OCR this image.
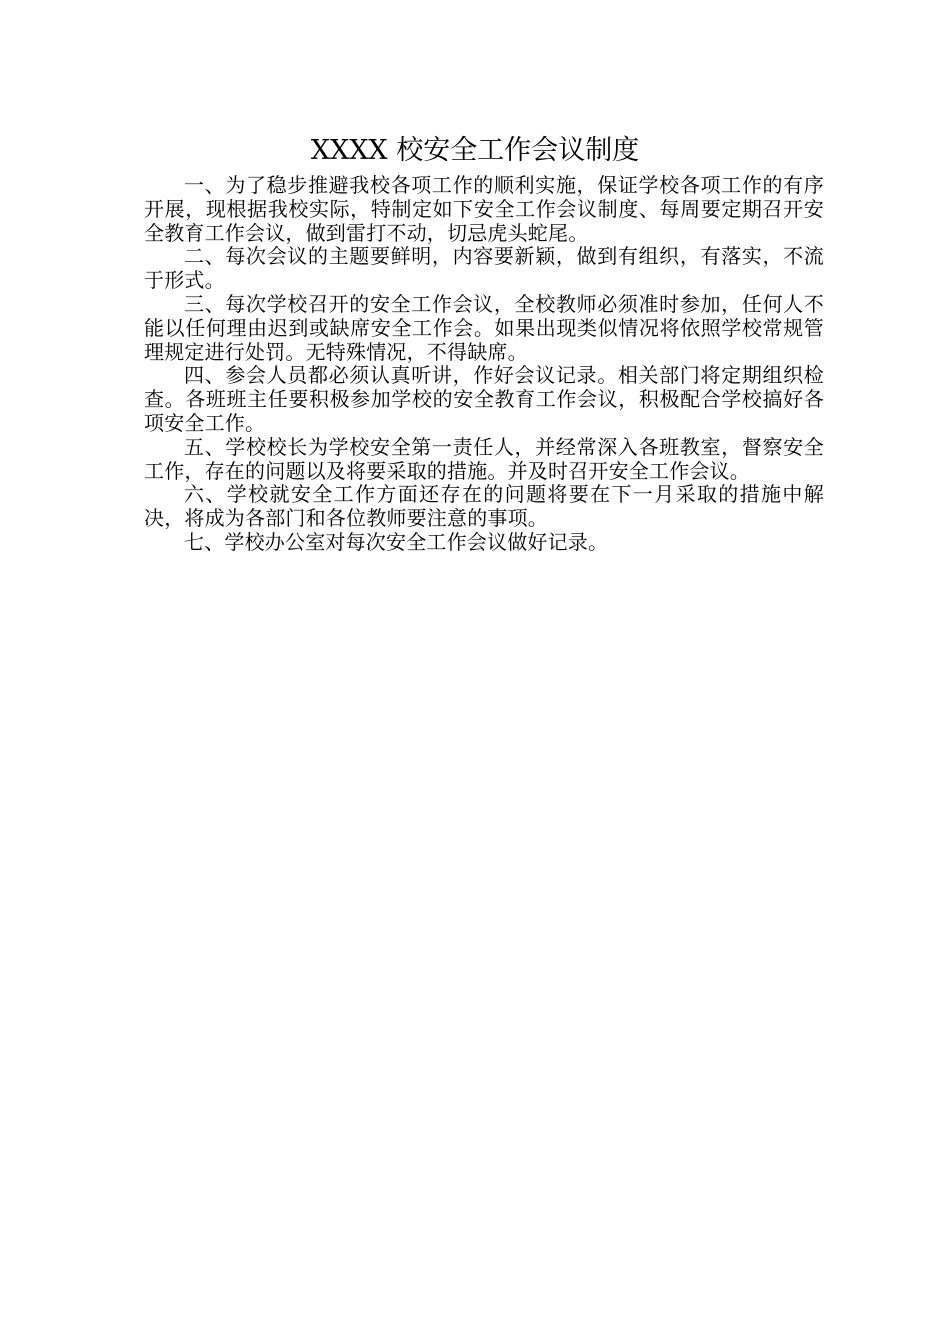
XXXX 校安全工作会议制度

一、为了稳步推避我校各项工作的顺利实施，保证学校各项工作的有序开展，现根据我校实际，特制定如下安全工作会议制度、每周要定期召开安全教育工作会议，做到雷打不动，切忌虎头蛇尾。

二、每次会议的主题要鲜明，内容要新颖，做到有组织，有落实，不流于形式。

三、每次学校召开的安全工作会议，全校教师必须准时参加，任何人不能以任何理由迟到或缺席安全工作会。如果出现类似情况将依照学校常规管理规定进行处罚。无特殊情况，不得缺席。

四、参会人员都必须认真听讲，作好会议记录。相关部门将定期组织检查。各班班主任要积极参加学校的安全教育工作会议，积极配合学校搞好各项安全工作。

五、学校校长为学校安全第一责任人，并经常深入各班教室，督察安全工作，存在的问题以及将要采取的措施。并及时召开安全工作会议。

六、学校就安全工作方面还存在的问题将要在下一月采取的措施中解决，将成为各部门和各位教师要注意的事项。

七、学校办公室对每次安全工作会议做好记录。
